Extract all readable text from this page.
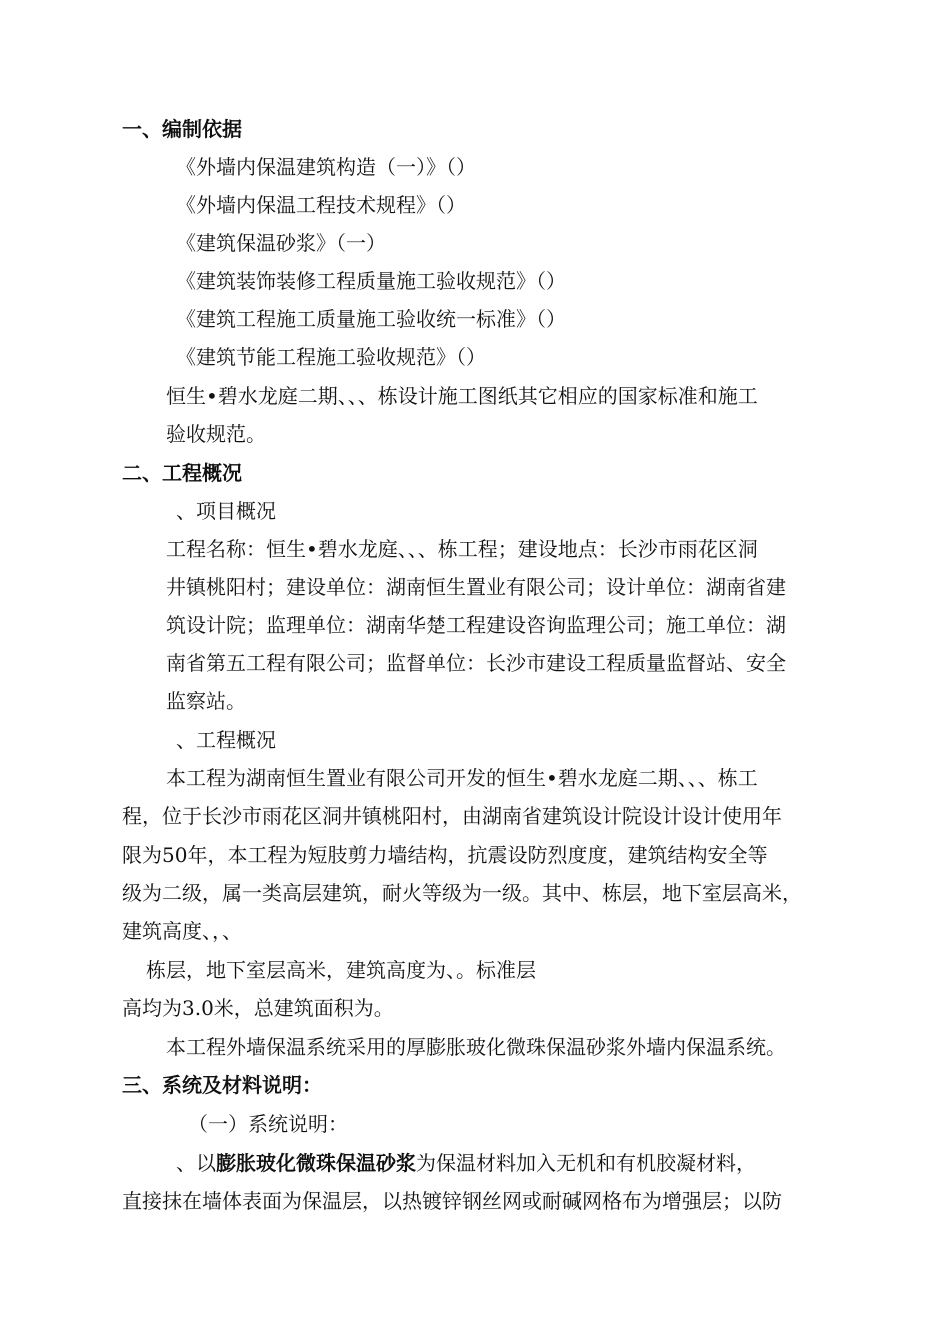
一、编制依据
《外墙内保温建筑构造（一）》（）
《外墙内保温工程技术规程》（）
《建筑保温砂浆》（一）
《建筑装饰装修工程质量施工验收规范》（）
《建筑工程施工质量施工验收统一标准》（）
《建筑节能工程施工验收规范》（）
恒生•碧水龙庭二期、、、栋设计施工图纸其它相应的国家标准和施工
验收规范。
二、工程概况
、项目概况
工程名称：恒生•碧水龙庭、、、栋工程；建设地点：长沙市雨花区洞
井镇桃阳村；建设单位：湖南恒生置业有限公司；设计单位：湖南省建
筑设计院；监理单位：湖南华楚工程建设咨询监理公司；施工单位：湖
南省第五工程有限公司；监督单位：长沙市建设工程质量监督站、安全
监察站。
、工程概况
本工程为湖南恒生置业有限公司开发的恒生•碧水龙庭二期、、、栋工
程，位于长沙市雨花区洞井镇桃阳村，由湖南省建筑设计院设计设计使用年
限为50年，本工程为短肢剪力墙结构，抗震设防烈度度，建筑结构安全等
级为二级，属一类高层建筑，耐火等级为一级。其中、栋层，地下室层高米，
建筑高度、，、
栋层，地下室层高米，建筑高度为、。标准层
高均为3.0米，总建筑面积为。
本工程外墙保温系统采用的厚膨胀玻化微珠保温砂浆外墙内保温系统。
三、系统及材料说明：
（一）系统说明：
、以膨胀玻化微珠保温砂浆为保温材料加入无机和有机胶凝材料，
直接抹在墙体表面为保温层，以热镀锌钢丝网或耐碱网格布为增强层；以防
